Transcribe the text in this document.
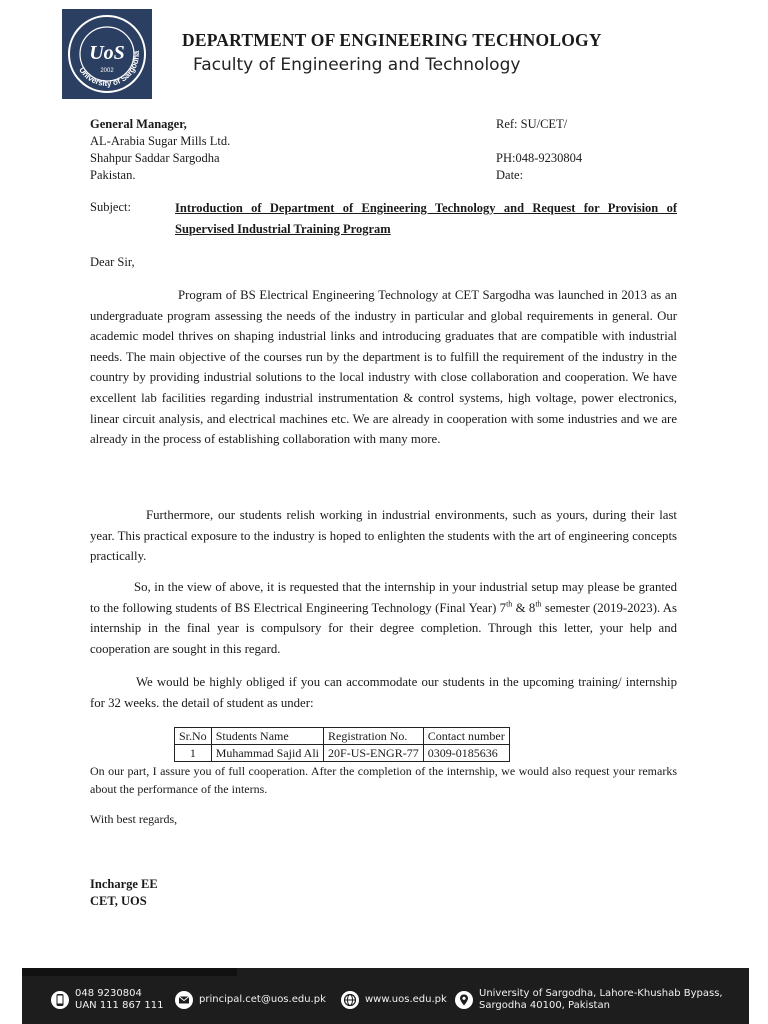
University of Sargodha
UoS
2002
DEPARTMENT OF ENGINEERING TECHNOLOGY
Faculty of Engineering and Technology
General Manager,
AL-Arabia Sugar Mills Ltd.
Shahpur Saddar Sargodha
Pakistan.
Ref: SU/CET/

PH:048-9230804
Date:
Subject:	Introduction of Department of Engineering Technology and Request for Provision of Supervised Industrial Training Program
Dear Sir,

Program of BS Electrical Engineering Technology at CET Sargodha was launched in 2013 as an undergraduate program assessing the needs of the industry in particular and global requirements in general. Our academic model thrives on shaping industrial links and introducing graduates that are compatible with industrial needs. The main objective of the courses run by the department is to fulfill the requirement of the industry in the country by providing industrial solutions to the local industry with close collaboration and cooperation. We have excellent lab facilities regarding industrial instrumentation & control systems, high voltage, power electronics, linear circuit analysis, and electrical machines etc. We are already in cooperation with some industries and we are already in the process of establishing collaboration with many more.

Furthermore, our students relish working in industrial environments, such as yours, during their last year. This practical exposure to the industry is hoped to enlighten the students with the art of engineering concepts practically.

So, in the view of above, it is requested that the internship in your industrial setup may please be granted to the following students of BS Electrical Engineering Technology (Final Year) 7th & 8th semester (2019-2023). As internship in the final year is compulsory for their degree completion. Through this letter, your help and cooperation are sought in this regard.

We would be highly obliged if you can accommodate our students in the upcoming training/ internship for 32 weeks. the detail of student as under:

Sr.No	Students Name	Registration No.	Contact number
1	Muhammad Sajid Ali	20F-US-ENGR-77	0309-0185636

On our part, I assure you of full cooperation. After the completion of the internship, we would also request your remarks about the performance of the interns.

With best regards,
Incharge EE
CET, UOS
048 9230804
UAN 111 867 111
principal.cet@uos.edu.pk	www.uos.edu.pk
University of Sargodha, Lahore-Khushab Bypass,
Sargodha 40100, Pakistan
